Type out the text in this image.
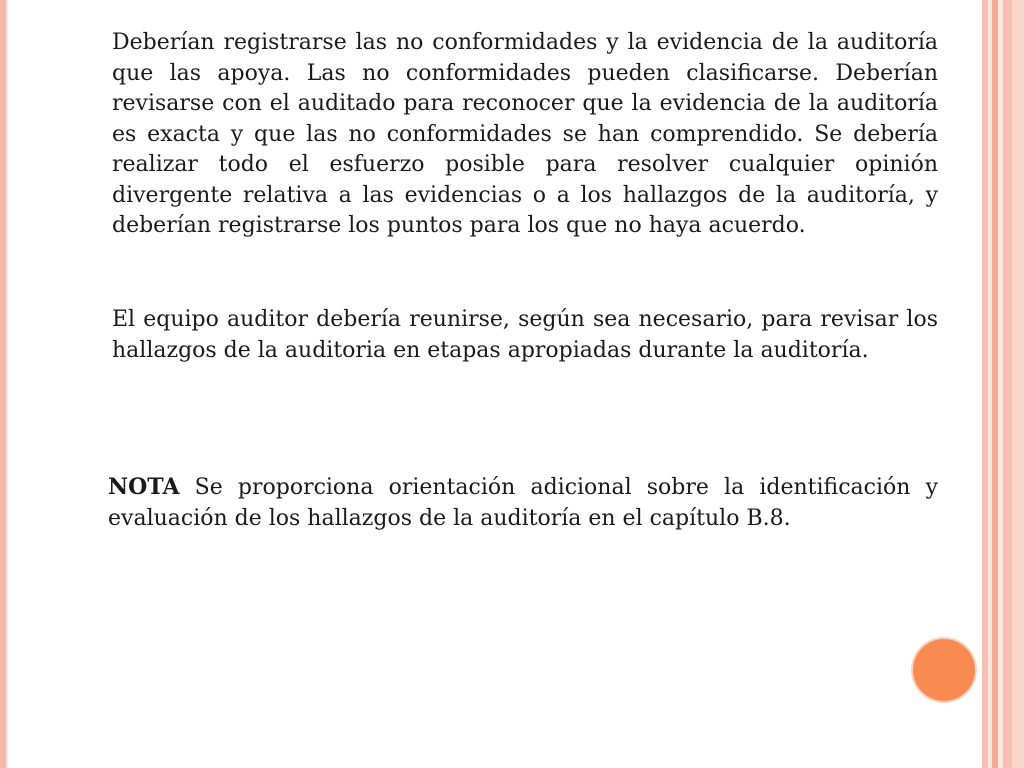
Deberían registrarse las no conformidades y la evidencia de la auditoría que las apoya. Las no conformidades pueden clasificarse. Deberían revisarse con el auditado para reconocer que la evidencia de la auditoría es exacta y que las no conformidades se han comprendido. Se debería realizar todo el esfuerzo posible para resolver cualquier opinión divergente relativa a las evidencias o a los hallazgos de la auditoría, y deberían registrarse los puntos para los que no haya acuerdo.

El equipo auditor debería reunirse, según sea necesario, para revisar los hallazgos de la auditoria en etapas apropiadas durante la auditoría.

NOTA Se proporciona orientación adicional sobre la identificación y evaluación de los hallazgos de la auditoría en el capítulo B.8.
